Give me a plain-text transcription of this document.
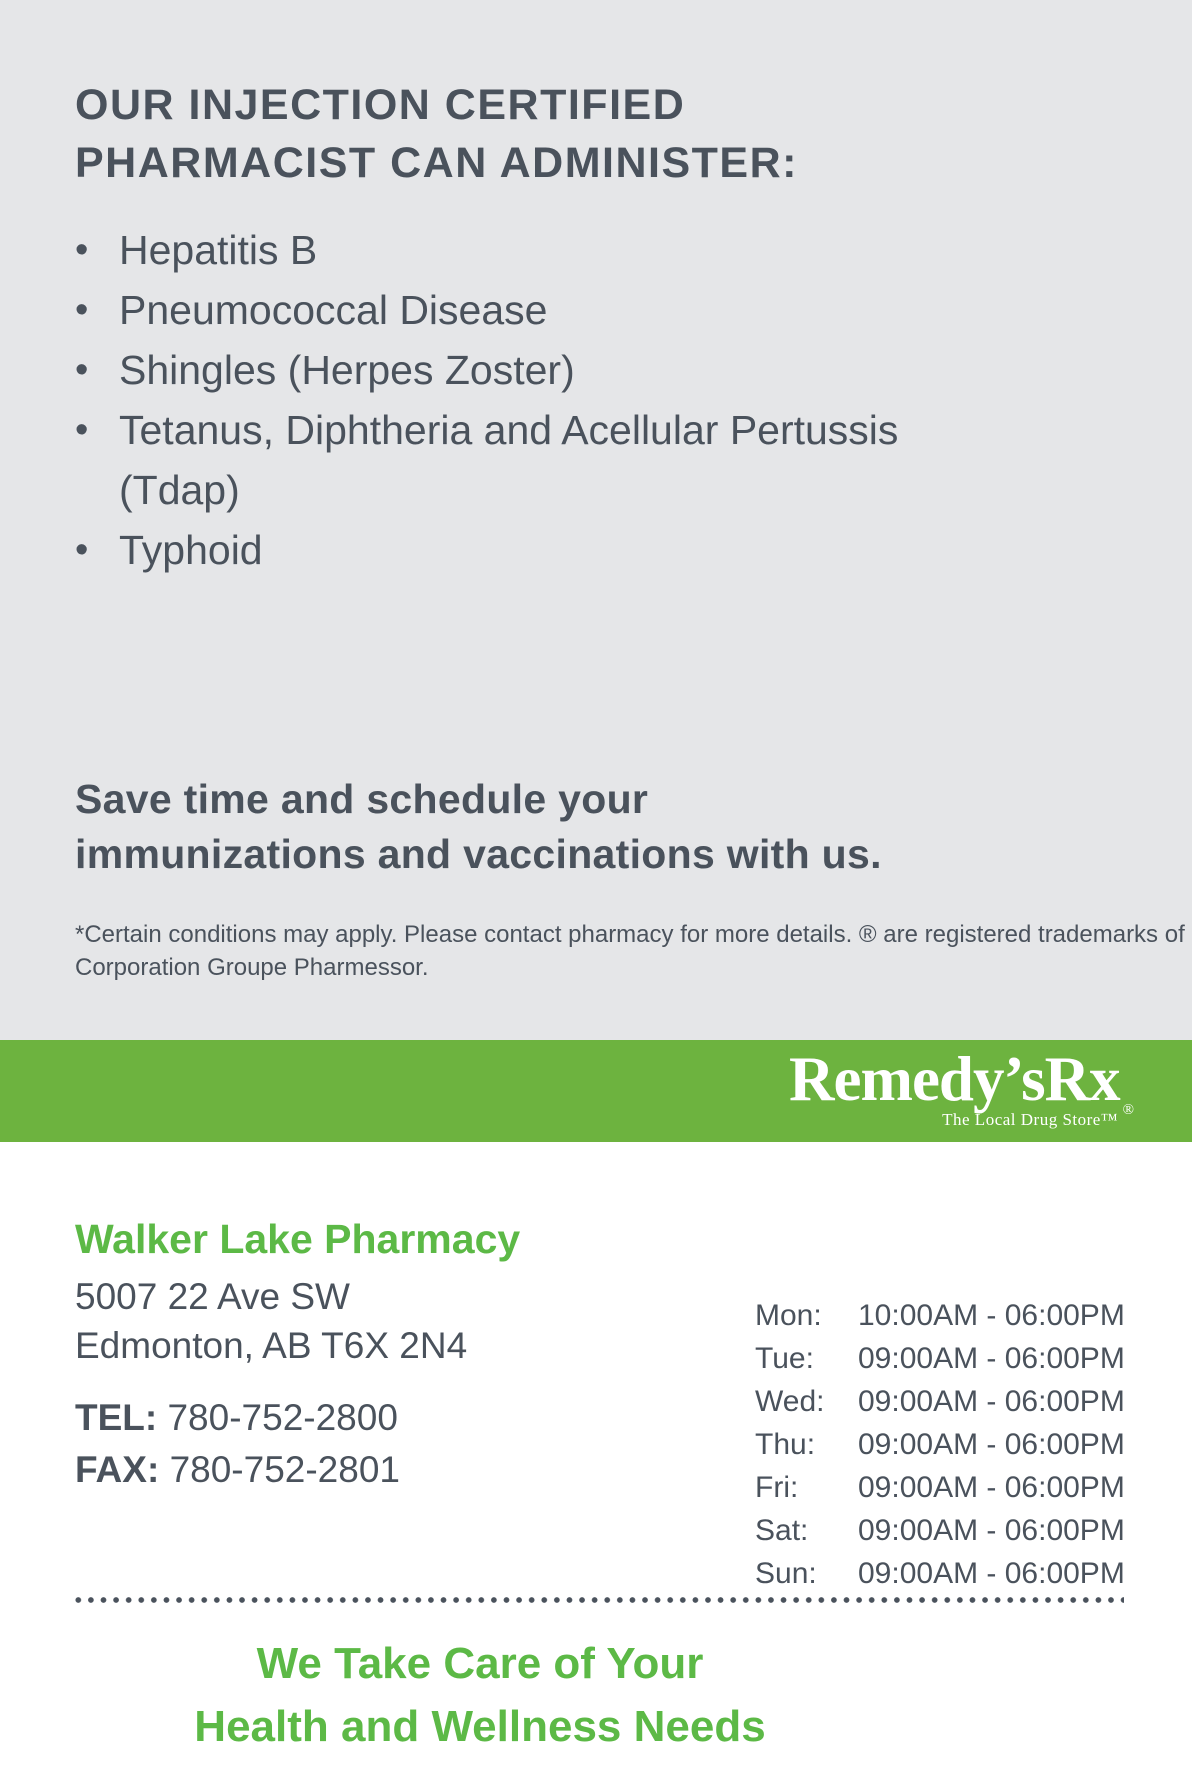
OUR INJECTION CERTIFIED
PHARMACIST CAN ADMINISTER:
• Hepatitis B
• Pneumococcal Disease
• Shingles (Herpes Zoster)
• Tetanus, Diphtheria and Acellular Pertussis (Tdap)
• Typhoid
Save time and schedule your
immunizations and vaccinations with us.

*Certain conditions may apply. Please contact pharmacy for more details. ® are registered trademarks of Corporation Groupe Pharmessor.

Remedy’sRx ®
The Local Drug Store™
Walker Lake Pharmacy
5007 22 Ave SW
Edmonton, AB T6X 2N4
TEL: 780-752-2800
FAX: 780-752-2801
Mon:	10:00AM - 06:00PM
Tue:	09:00AM - 06:00PM
Wed:	09:00AM - 06:00PM
Thu:	09:00AM - 06:00PM
Fri:	09:00AM - 06:00PM
Sat:	09:00AM - 06:00PM
Sun:	09:00AM - 06:00PM
We Take Care of Your
Health and Wellness Needs
